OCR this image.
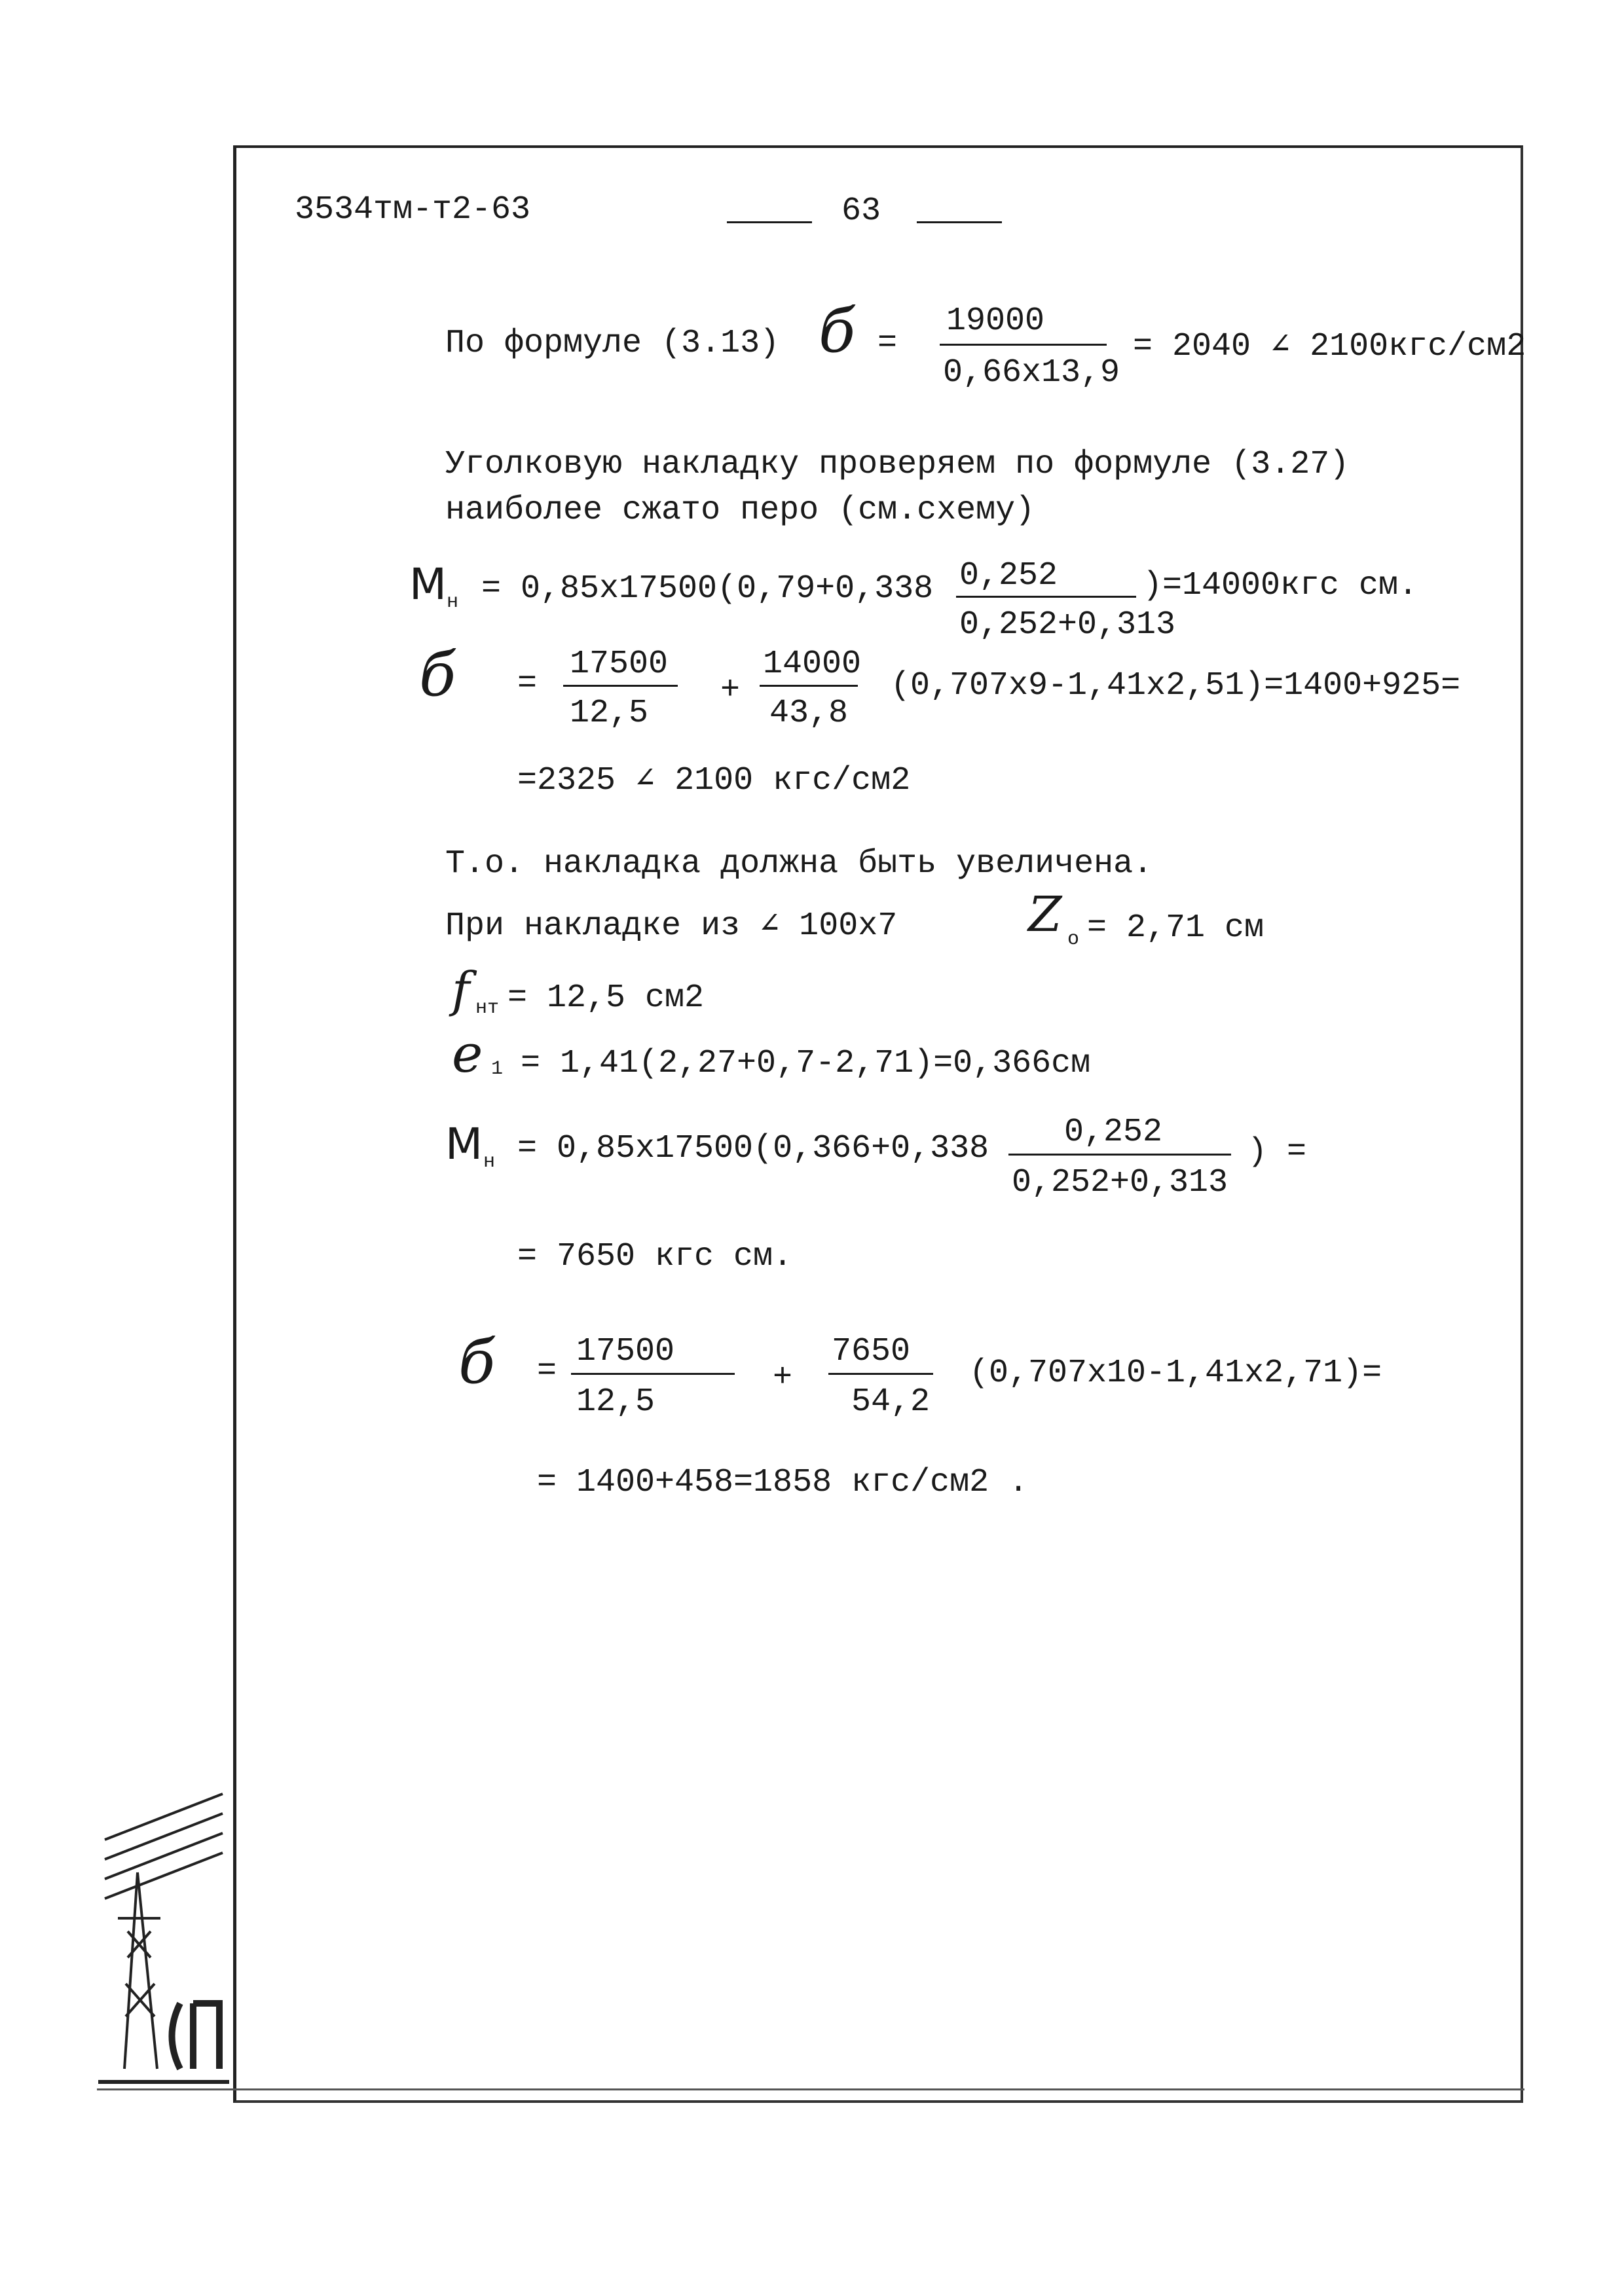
3534тм-т2-63	63
По формуле (3.13) б =
19000
0,66x13,9
= 2040 ∠ 2100кгс/см2
Уголковую накладку проверяем по формуле (3.27)
наиболее сжато перо (см.схему)
M н = 0,85x17500(0,79+0,338 0,252
0,252+0,313
)=14000кгс см.
б =
17500
12,5
+
14000
43,8
(0,707x9-1,41x2,51)=1400+925=
=2325 ∠ 2100 кгс/см2
Т.о. накладка должна быть увеличена.
При накладке из ∠ 100x7	Z o = 2,71 см
f нт = 12,5 см2
e 1 = 1,41(2,27+0,7-2,71)=0,366см
M н = 0,85x17500(0,366+0,338 0,252
0,252+0,313
) =
= 7650 кгс см.
б =
17500
12,5
+
7650
54,2
(0,707x10-1,41x2,71)=
= 1400+458=1858 кгс/см2 .
